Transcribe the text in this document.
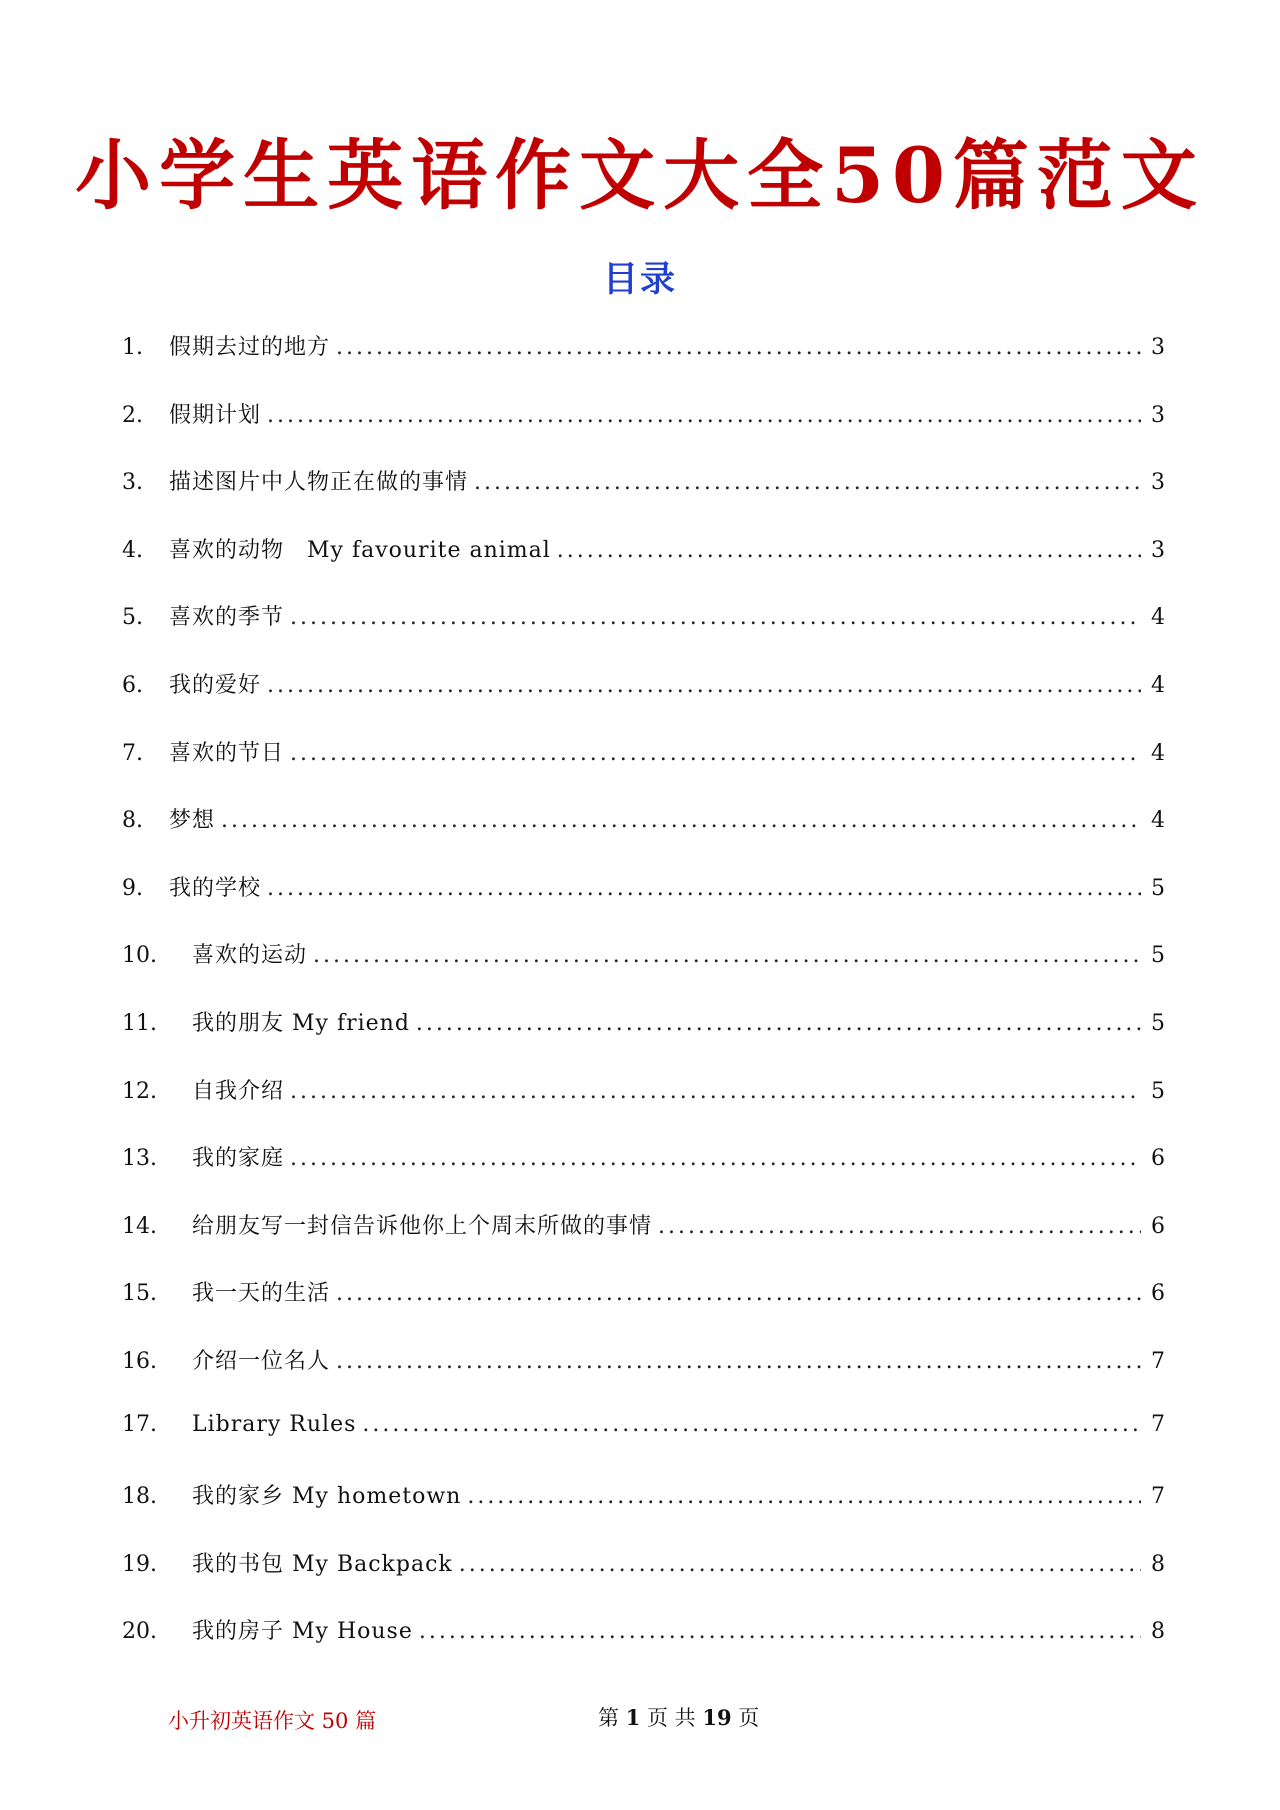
小学生英语作文大全50篇范文
目录
1.	假期去过的地方 .....	3
2.	假期计划 .....	3
3.	描述图片中人物正在做的事情 .....	3
4.	喜欢的动物　My favourite animal .....	3
5.	喜欢的季节 .....	4
6.	我的爱好 .....	4
7.	喜欢的节日 .....	4
8.	梦想 .....	4
9.	我的学校 .....	5
10.	喜欢的运动 .....	5
11.	我的朋友 My friend .....	5
12.	自我介绍 .....	5
13.	我的家庭 .....	6
14.	给朋友写一封信告诉他你上个周末所做的事情 .....	6
15.	我一天的生活 .....	6
16.	介绍一位名人 .....	7
17.	Library Rules .....	7
18.	我的家乡 My hometown .....	7
19.	我的书包 My Backpack .....	8
20.	我的房子 My House .....	8
小升初英语作文 50 篇	第 1 页 共 19 页
